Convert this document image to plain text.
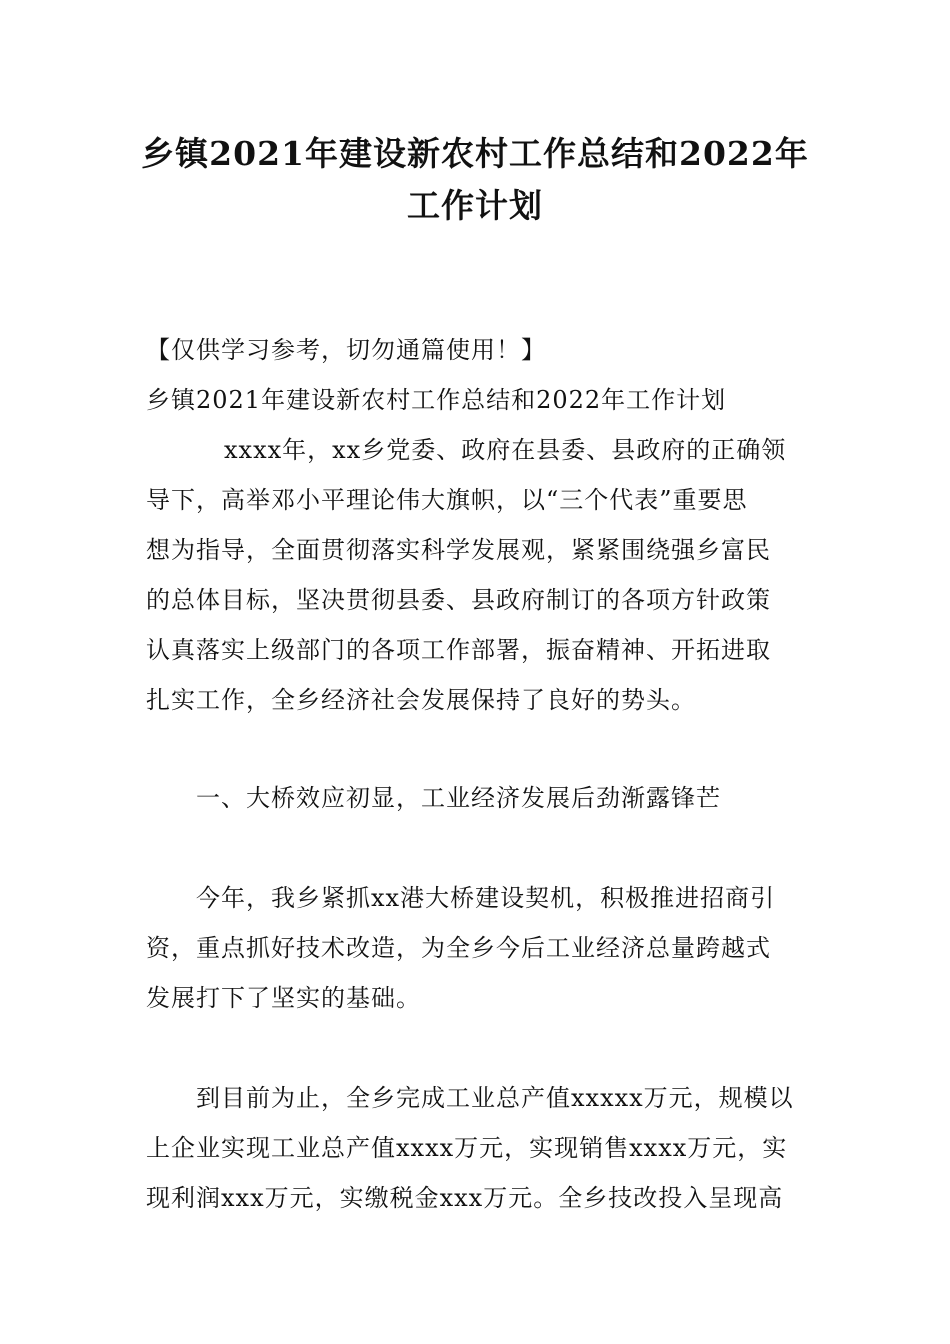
乡镇2021年建设新农村工作总结和2022年
工作计划
【仅供学习参考，切勿通篇使用！】
乡镇2021年建设新农村工作总结和2022年工作计划
xxxx年，xx乡党委、政府在县委、县政府的正确领
导下，高举邓小平理论伟大旗帜，以“三个代表”重要思
想为指导，全面贯彻落实科学发展观，紧紧围绕强乡富民
的总体目标，坚决贯彻县委、县政府制订的各项方针政策
认真落实上级部门的各项工作部署，振奋精神、开拓进取
扎实工作，全乡经济社会发展保持了良好的势头。
一、大桥效应初显，工业经济发展后劲渐露锋芒
今年，我乡紧抓xx港大桥建设契机，积极推进招商引
资，重点抓好技术改造，为全乡今后工业经济总量跨越式
发展打下了坚实的基础。
到目前为止，全乡完成工业总产值xxxxx万元，规模以
上企业实现工业总产值xxxx万元，实现销售xxxx万元，实
现利润xxx万元，实缴税金xxx万元。全乡技改投入呈现高
